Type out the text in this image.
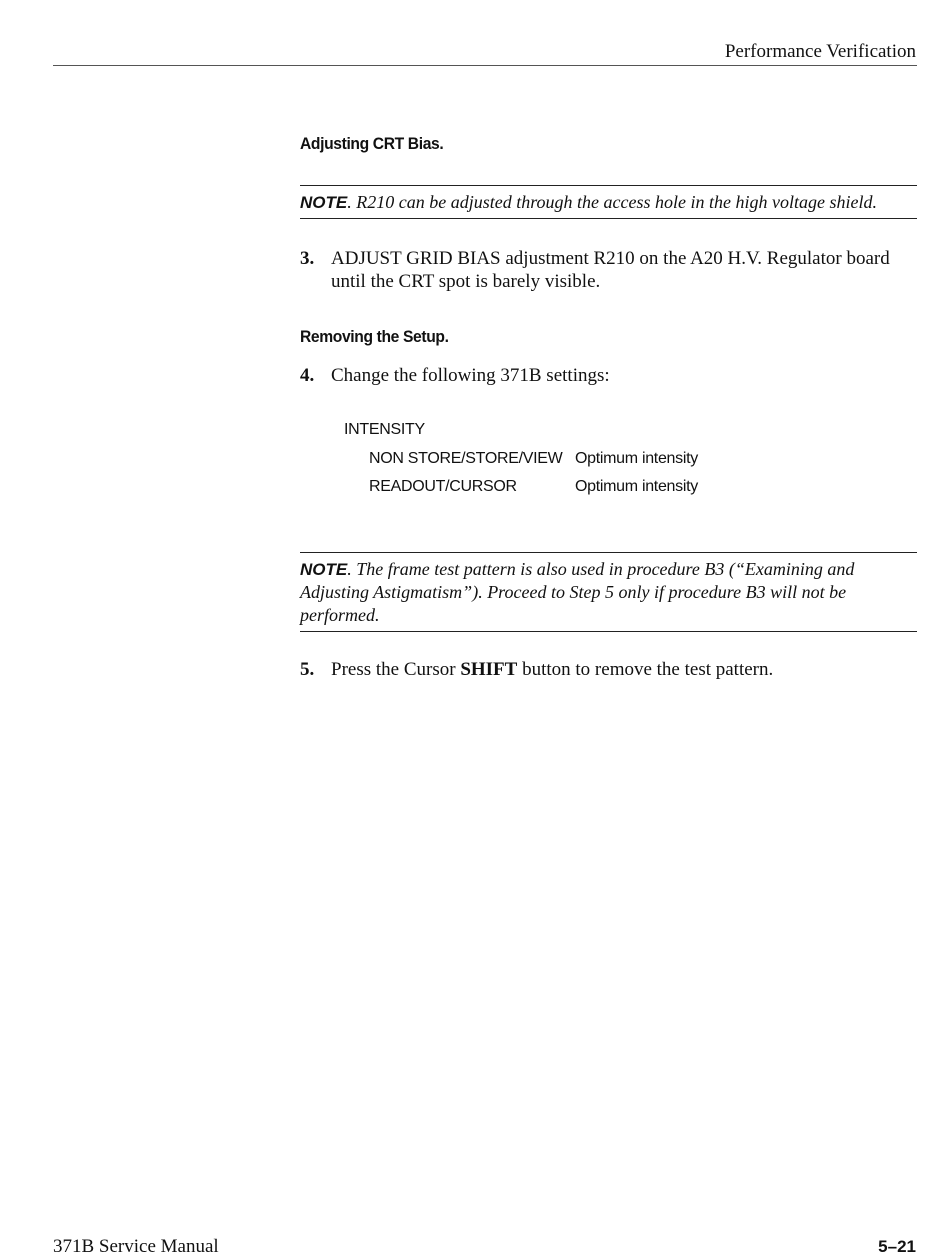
Performance Verification
Adjusting CRT Bias.
NOTE. R210 can be adjusted through the access hole in the high voltage shield.
3. ADJUST GRID BIAS adjustment R210 on the A20 H.V. Regulator board until the CRT spot is barely visible.
Removing the Setup.
4. Change the following 371B settings:
INTENSITY
NON STORE/STORE/VIEW Optimum intensity
READOUT/CURSOR	Optimum intensity
NOTE. The frame test pattern is also used in procedure B3 (“Examining and Adjusting Astigmatism”). Proceed to Step 5 only if procedure B3 will not be performed.
5. Press the Cursor SHIFT button to remove the test pattern.
371B Service Manual	5–21
